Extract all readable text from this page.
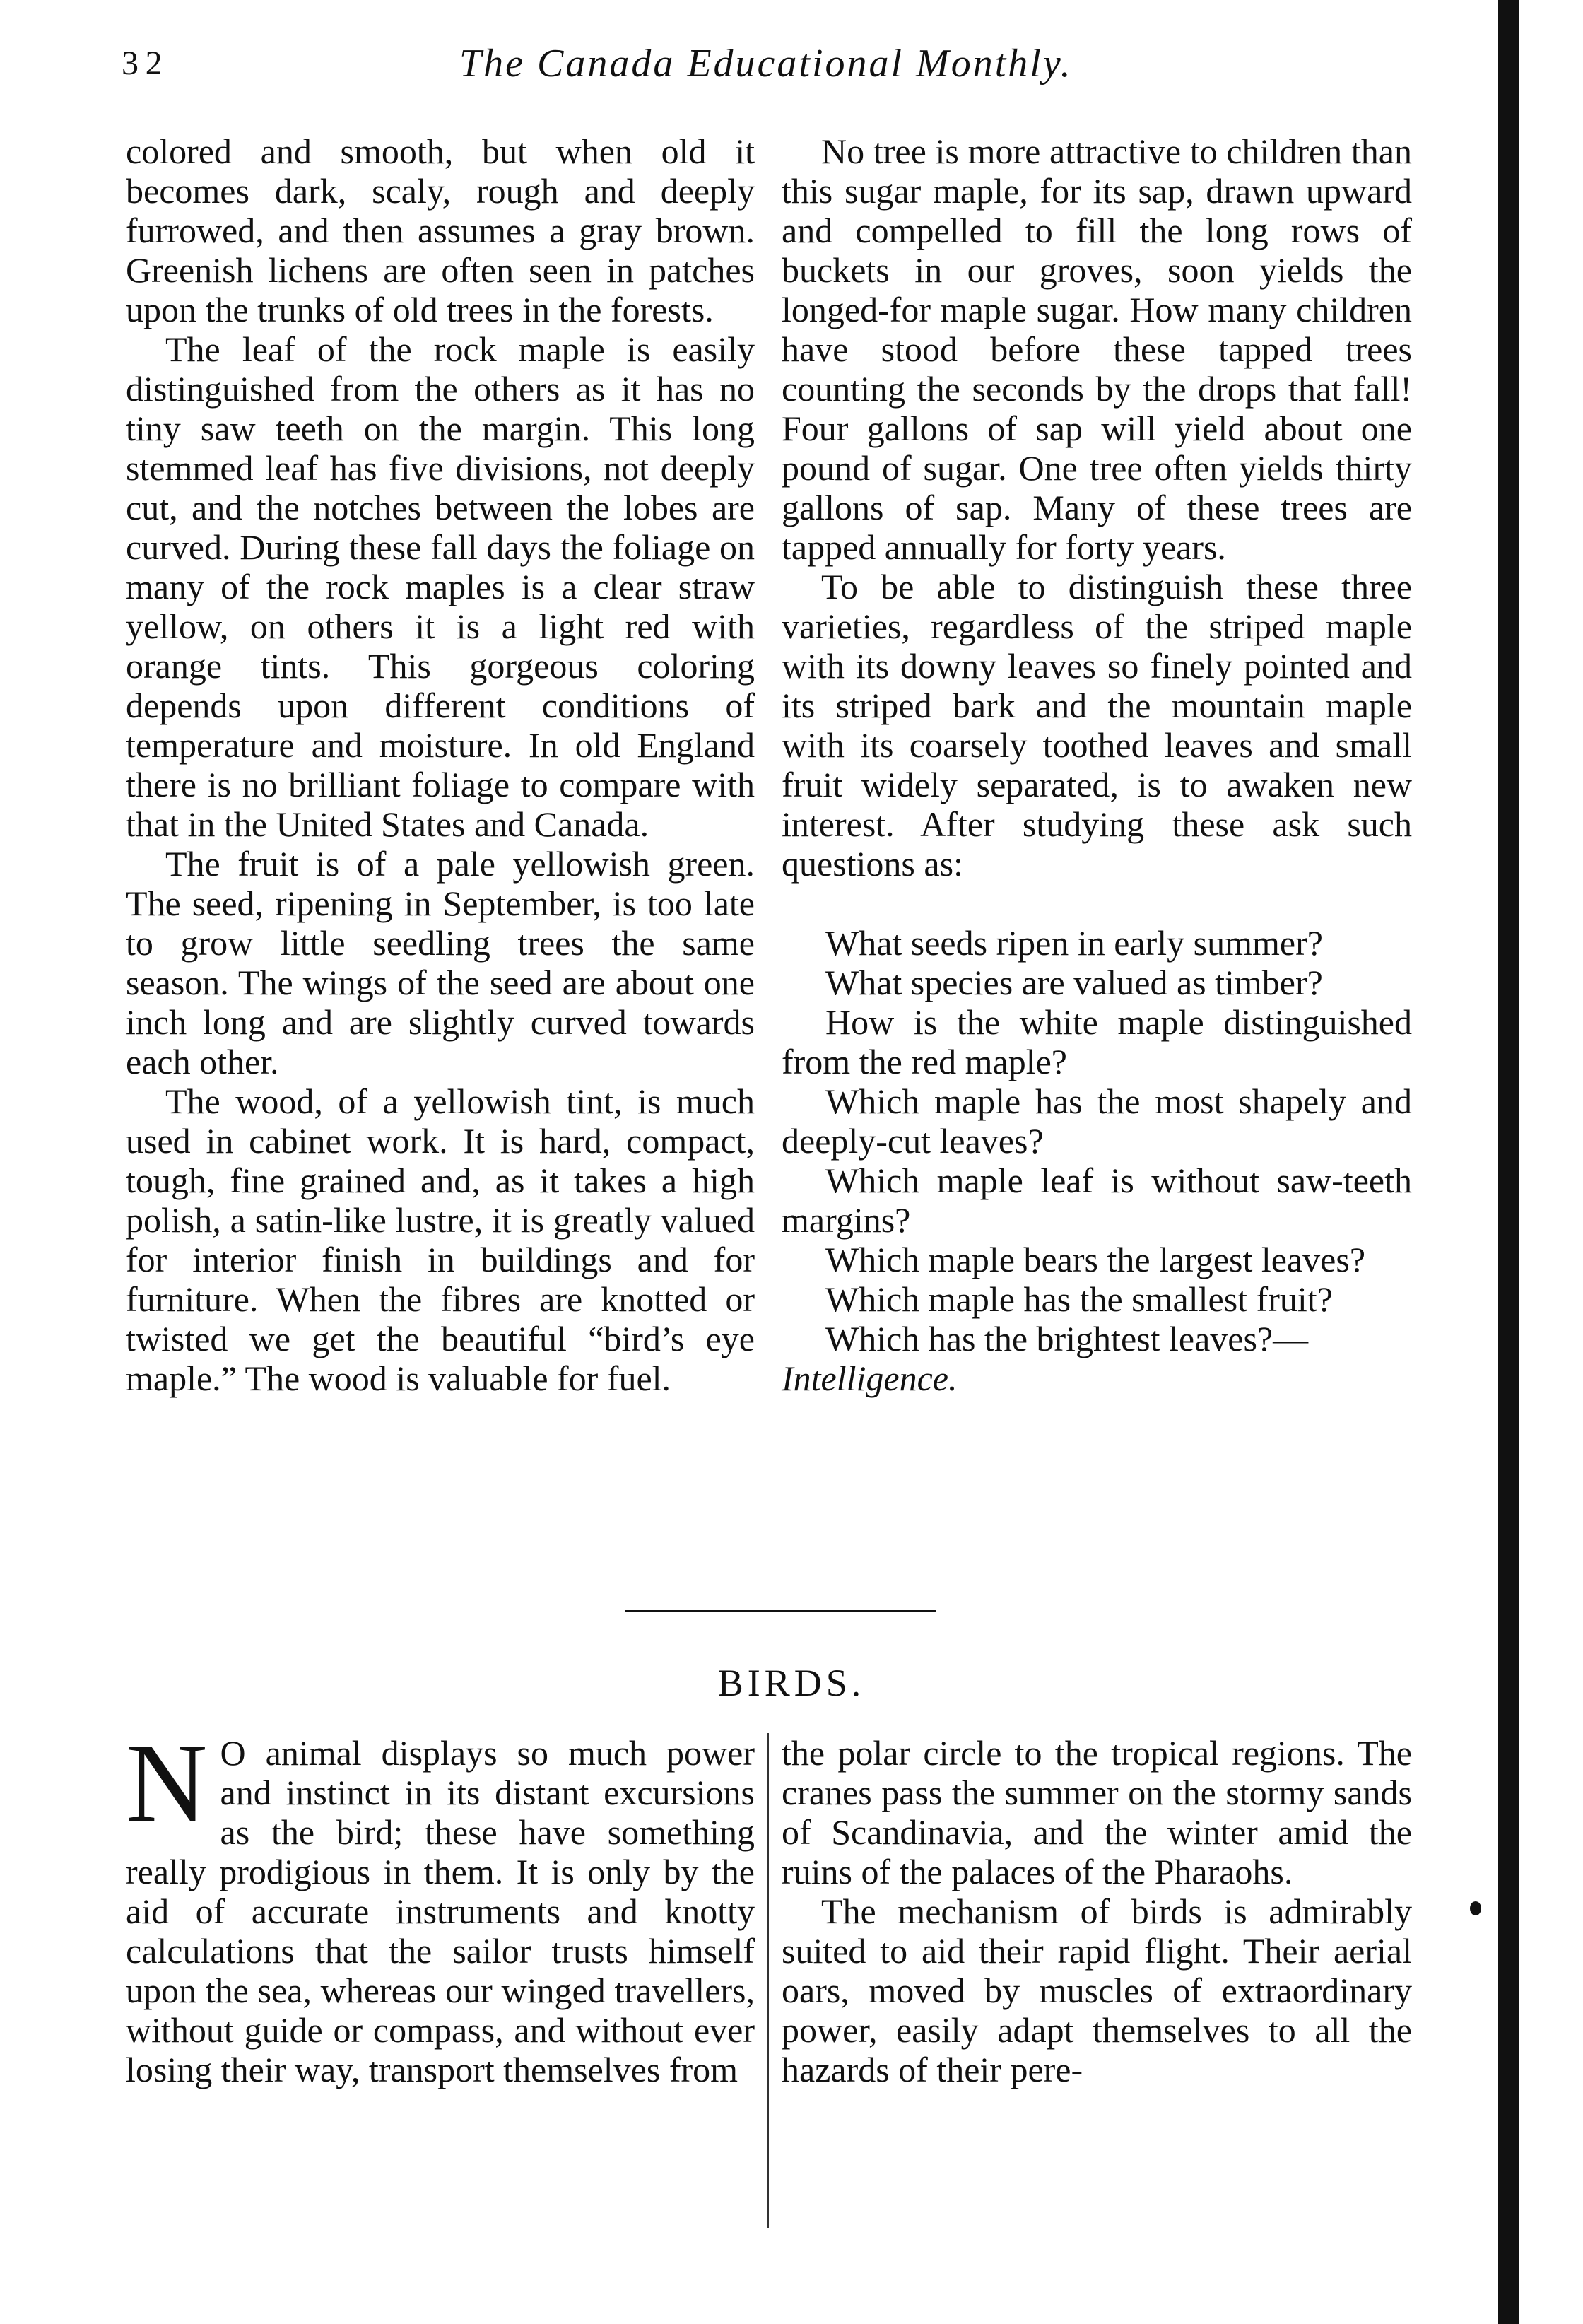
3 2	The Canada Educational Monthly.

colored and smooth, but when old it becomes dark, scaly, rough and deeply furrowed, and then assumes a gray brown. Greenish lichens are often seen in patches upon the trunks of old trees in the forests.

The leaf of the rock maple is easily distinguished from the others as it has no tiny saw teeth on the margin. This long stemmed leaf has five divisions, not deeply cut, and the notches between the lobes are curved. During these fall days the foliage on many of the rock maples is a clear straw yellow, on others it is a light red with orange tints. This gorgeous coloring depends upon different conditions of temperature and moisture. In old England there is no brilliant foliage to compare with that in the United States and Canada.

The fruit is of a pale yellowish green. The seed, ripening in September, is too late to grow little seedling trees the same season. The wings of the seed are about one inch long and are slightly curved towards each other.

The wood, of a yellowish tint, is much used in cabinet work. It is hard, compact, tough, fine grained and, as it takes a high polish, a satin-like lustre, it is greatly valued for interior finish in buildings and for furniture. When the fibres are knotted or twisted we get the beautiful “bird’s eye maple.” The wood is valuable for fuel.

No tree is more attractive to children than this sugar maple, for its sap, drawn upward and compelled to fill the long rows of buckets in our groves, soon yields the longed-for maple sugar. How many children have stood before these tapped trees counting the seconds by the drops that fall! Four gallons of sap will yield about one pound of sugar. One tree often yields thirty gallons of sap. Many of these trees are tapped annually for forty years.

To be able to distinguish these three varieties, regardless of the striped maple with its downy leaves so finely pointed and its striped bark and the mountain maple with its coarsely toothed leaves and small fruit widely separated, is to awaken new interest. After studying these ask such questions as:

What seeds ripen in early summer?

What species are valued as timber?

How is the white maple distinguished from the red maple?

Which maple has the most shapely and deeply-cut leaves?

Which maple leaf is without saw-teeth margins?

Which maple bears the largest leaves?

Which maple has the smallest fruit?

Which has the brightest leaves?—

Intelligence.

BIRDS.

N O animal displays so much power and instinct in its distant excursions as the bird; these have something really prodigious in them. It is only by the aid of accurate instruments and knotty calculations that the sailor trusts himself upon the sea, whereas our winged travellers, without guide or compass, and without ever losing their way, transport themselves from

the polar circle to the tropical regions. The cranes pass the summer on the stormy sands of Scandinavia, and the winter amid the ruins of the palaces of the Pharaohs.

The mechanism of birds is admirably suited to aid their rapid flight. Their aerial oars, moved by muscles of extraordinary power, easily adapt themselves to all the hazards of their pere-
